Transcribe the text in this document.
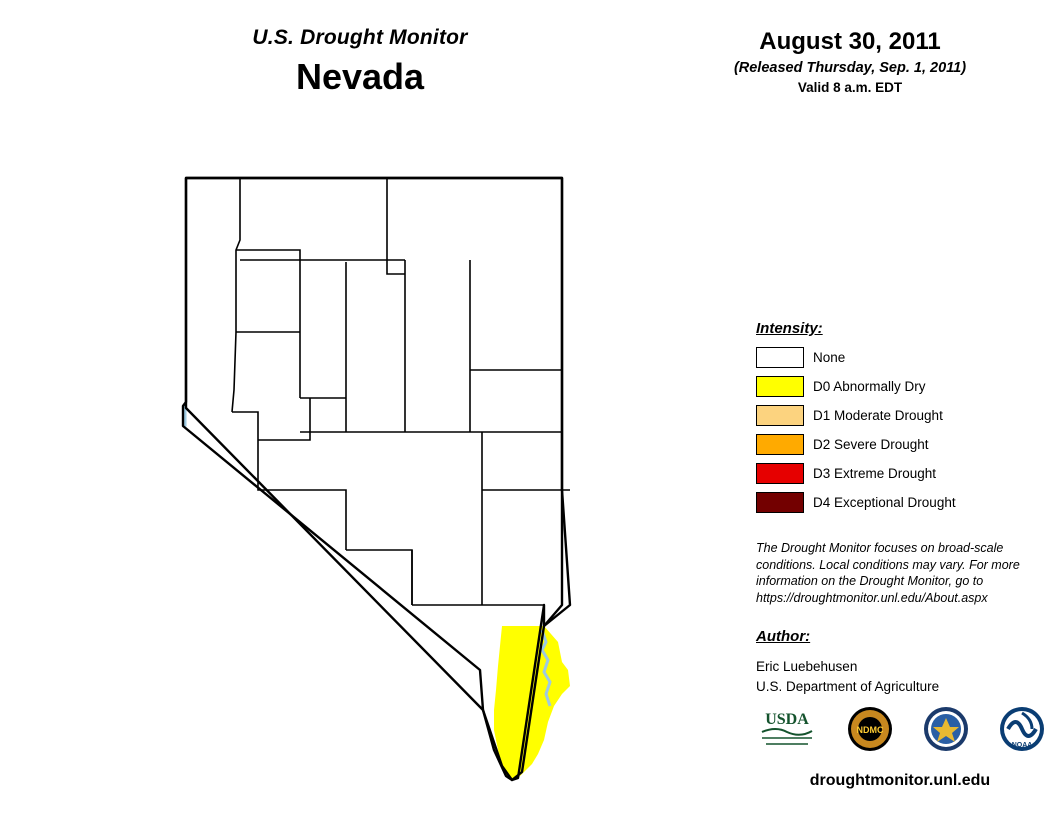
U.S. Drought Monitor
Nevada
August 30, 2011
(Released Thursday, Sep. 1, 2011)
Valid 8 a.m. EDT
Intensity:
None
D0 Abnormally Dry
D1 Moderate Drought
D2 Severe Drought
D3 Extreme Drought
D4 Exceptional Drought
The Drought Monitor focuses on broad-scale conditions. Local conditions may vary. For more information on the Drought Monitor, go to https://droughtmonitor.unl.edu/About.aspx
Author:
Eric Luebehusen
U.S. Department of Agriculture
USDA
NDMC
NOAA
droughtmonitor.unl.edu
